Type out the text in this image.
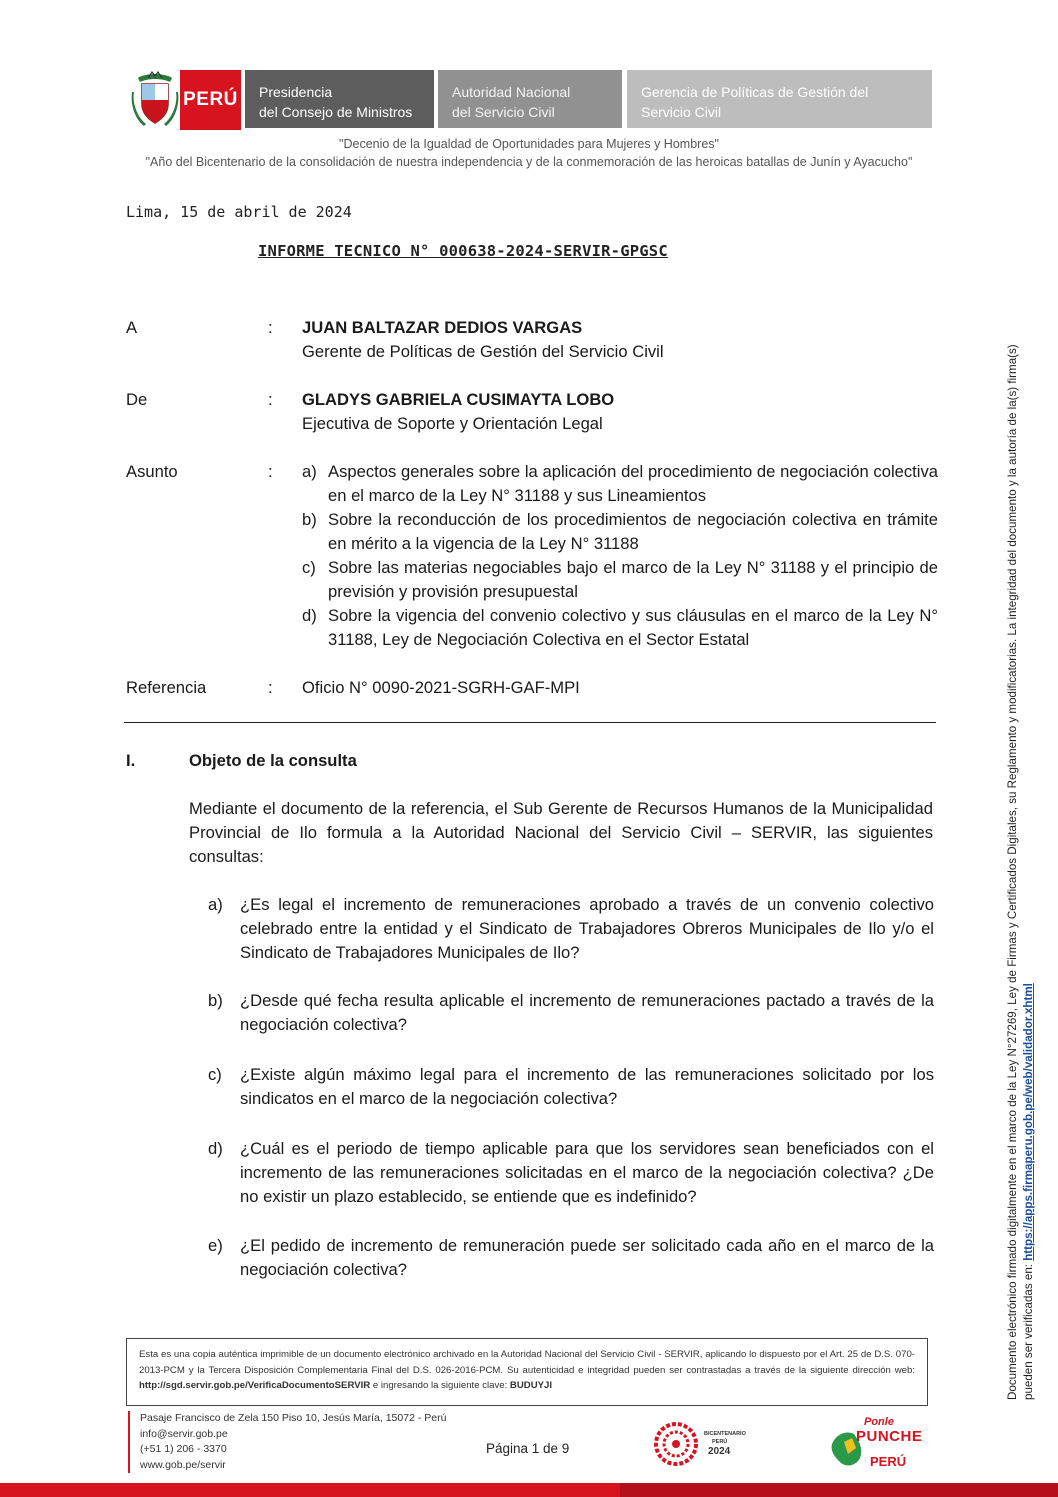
PERÚ Presidencia
del Consejo de Ministros
Autoridad Nacional
del Servicio Civil
Gerencia de Políticas de Gestión del
Servicio Civil
"Decenio de la Igualdad de Oportunidades para Mujeres y Hombres"
"Año del Bicentenario de la consolidación de nuestra independencia y de la conmemoración de las heroicas batallas de Junín y Ayacucho"
Lima, 15 de abril de 2024
INFORME TECNICO N° 000638-2024-SERVIR-GPGSC
A	: JUAN BALTAZAR DEDIOS VARGAS
Gerente de Políticas de Gestión del Servicio Civil
De	: GLADYS GABRIELA CUSIMAYTA LOBO
Ejecutiva de Soporte y Orientación Legal
Asunto	: a) Aspectos generales sobre la aplicación del procedimiento de negociación colectiva en el marco de la Ley N° 31188 y sus Lineamientos
b) Sobre la reconducción de los procedimientos de negociación colectiva en trámite en mérito a la vigencia de la Ley N° 31188
c) Sobre las materias negociables bajo el marco de la Ley N° 31188 y el principio de previsión y provisión presupuestal
d) Sobre la vigencia del convenio colectivo y sus cláusulas en el marco de la Ley N° 31188, Ley de Negociación Colectiva en el Sector Estatal
Referencia	: Oficio N° 0090-2021-SGRH-GAF-MPI
I.	Objeto de la consulta
Mediante el documento de la referencia, el Sub Gerente de Recursos Humanos de la Municipalidad Provincial de Ilo formula a la Autoridad Nacional del Servicio Civil – SERVIR, las siguientes consultas:
a)	¿Es legal el incremento de remuneraciones aprobado a través de un convenio colectivo celebrado entre la entidad y el Sindicato de Trabajadores Obreros Municipales de Ilo y/o el Sindicato de Trabajadores Municipales de Ilo?
b)	¿Desde qué fecha resulta aplicable el incremento de remuneraciones pactado a través de la negociación colectiva?
c)	¿Existe algún máximo legal para el incremento de las remuneraciones solicitado por los sindicatos en el marco de la negociación colectiva?
d)	¿Cuál es el periodo de tiempo aplicable para que los servidores sean beneficiados con el incremento de las remuneraciones solicitadas en el marco de la negociación colectiva? ¿De no existir un plazo establecido, se entiende que es indefinido?
e)	¿El pedido de incremento de remuneración puede ser solicitado cada año en el marco de la negociación colectiva?
Esta es una copia auténtica imprimible de un documento electrónico archivado en la Autoridad Nacional del Servicio Civil - SERVIR, aplicando lo dispuesto por el Art. 25 de D.S. 070-2013-PCM y la Tercera Disposición Complementaria Final del D.S. 026-2016-PCM. Su autenticidad e integridad pueden ser contrastadas a través de la siguiente dirección web: http://sgd.servir.gob.pe/VerificaDocumentoSERVIR e ingresando la siguiente clave: BUDUYJI
Pasaje Francisco de Zela 150 Piso 10, Jesús María, 15072 - Perú
info@servir.gob.pe
(+51 1) 206 - 3370
www.gob.pe/servir
Página 1 de 9
BICENTENARIO
PERÚ
2024
Ponle
PUNCHE
PERÚ
Documento electrónico firmado digitalmente en el marco de la Ley N°27269, Ley de Firmas y Certificados Digitales, su Reglamento y modificatorias. La integridad del documento y la autoría de la(s) firma(s) pueden ser verificadas en: https://apps.firmaperu.gob.pe/web/validador.xhtml
